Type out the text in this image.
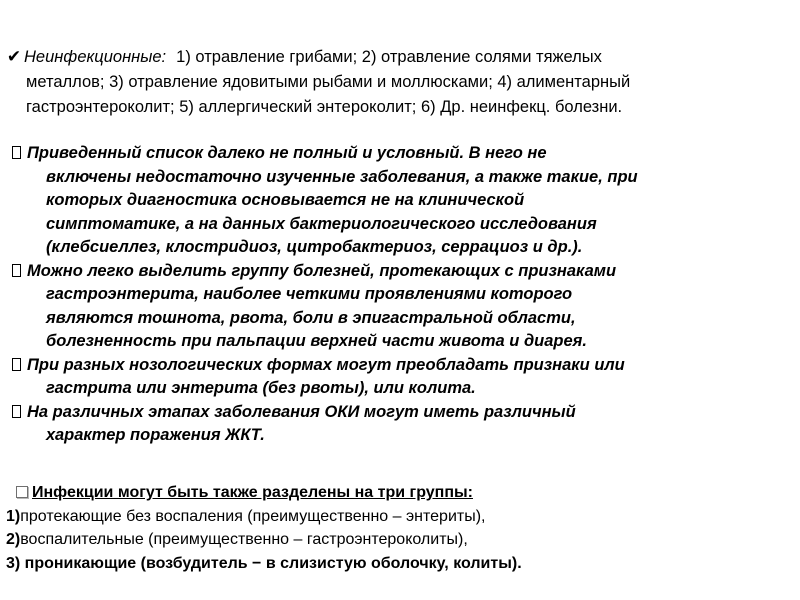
✔ Неинфекционные: 1) отравление грибами; 2) отравление солями тяжелых
металлов; 3) отравление ядовитыми рыбами и моллюсками; 4) алиментарный
гастроэнтероколит; 5) аллергический энтероколит; 6) Др. неинфекц. болезни.
Приведенный список далеко не полный и условный. В него не
включены недостаточно изученные заболевания, а также такие, при
которых диагностика основывается не на клинической
симптоматике, а на данных бактериологического исследования
(клебсиеллез, клостридиоз, цитробактериоз, серрациоз и др.).
Можно легко выделить группу болезней, протекающих с признаками
гастроэнтерита, наиболее четкими проявлениями которого
являются тошнота, рвота, боли в эпигастральной области,
болезненность при пальпации верхней части живота и диарея.
При разных нозологических формах могут преобладать признаки или
гастрита или энтерита (без рвоты), или колита.
На различных этапах заболевания ОКИ могут иметь различный
характер поражения ЖКТ.
Инфекции могут быть также разделены на три группы:
1)протекающие без воспаления (преимущественно – энтериты),
2)воспалительные (преимущественно – гастроэнтероколиты),
3) проникающие (возбудитель − в слизистую оболочку, колиты).
